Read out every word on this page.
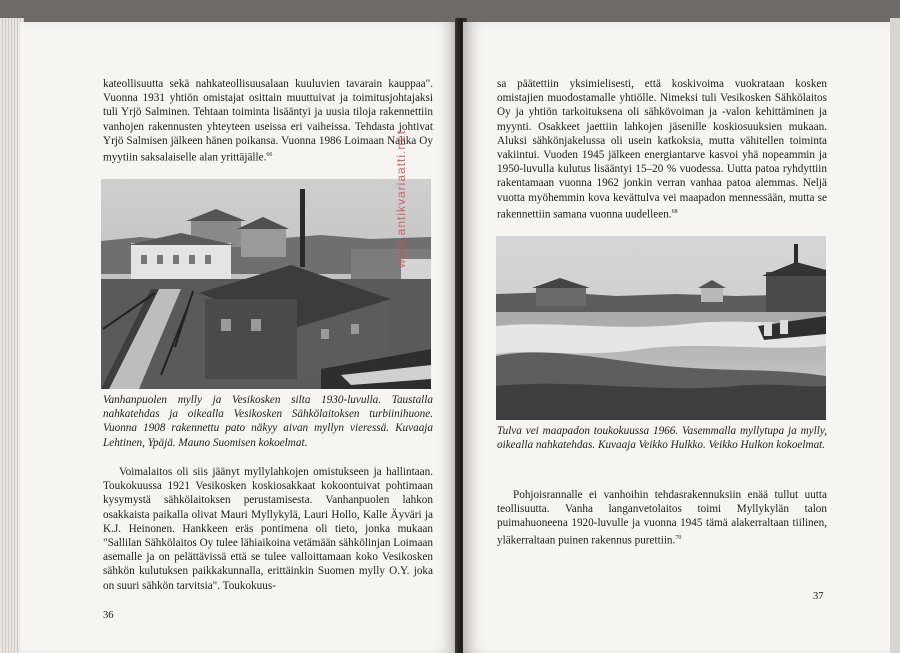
kateollisuutta sekä nahkateollisuusalaan kuuluvien tavarain kauppaa". Vuonna 1931 yhtiön omistajat osittain muuttuivat ja toimitusjohtajaksi tuli Yrjö Salminen. Tehtaan toiminta lisääntyi ja uusia tiloja rakennettiin vanhojen rakennusten yhteyteen useissa eri vaiheissa. Tehdasta johtivat Yrjö Salmisen jälkeen hänen poikansa. Vuonna 1986 Loimaan Nahka Oy myytiin saksalaiselle alan yrittäjälle.$^{66}$

Vanhanpuolen mylly ja Vesikosken silta 1930-luvulla. Taustalla nahkatehdas ja oikealla Vesikosken Sähkölaitoksen turbiinihuone. Vuonna 1908 rakennettu pato näkyy aivan myllyn vieressä. Kuvaaja Lehtinen, Ypäjä. Mauno Suomisen kokoelmat.

Voimalaitos oli siis jäänyt myllylahkojen omistukseen ja hallintaan. Toukokuussa 1921 Vesikosken koskiosakkaat kokoontuivat pohtimaan kysymystä sähkölaitoksen perustamisesta. Vanhanpuolen lahkon osakkaista paikalla olivat Mauri Myllykylä, Lauri Hollo, Kalle Äyväri ja K.J. Heinonen. Hankkeen eräs pontimena oli tieto, jonka mukaan "Sallilan Sähkölaitos Oy tulee lähiaikoina vetämään sähkölinjan Loimaan asemalle ja on pelättävissä että se tulee valloittamaan koko Vesikosken sähkön kulutuksen paikkakunnalla, erittäinkin Suomen mylly O.Y. joka on suuri sähkön tarvitsia". Toukokuus-

36
www.antikvariaatti.net

sa päätettiin yksimielisesti, että koskivoima vuokrataan kosken omistajien muodostamalle yhtiölle. Nimeksi tuli Vesikosken Sähkölaitos Oy ja yhtiön tarkoituksena oli sähkövoiman ja -valon kehittäminen ja myynti. Osakkeet jaettiin lahkojen jäsenille koskiosuuksien mukaan. Aluksi sähkönjakelussa oli usein katkoksia, mutta vähitellen toiminta vakiintui. Vuoden 1945 jälkeen energiantarve kasvoi yhä nopeammin ja 1950-luvulla kulutus lisääntyi 15–20 % vuodessa. Uutta patoa ryhdyttiin rakentamaan vuonna 1962 jonkin verran vanhaa patoa alemmas. Neljä vuotta myöhemmin kova kevättulva vei maapadon mennessään, mutta se rakennettiin samana vuonna uudelleen.$^{68}$

Tulva vei maapadon toukokuussa 1966. Vasemmalla myllytupa ja mylly, oikealla nahkatehdas. Kuvaaja Veikko Hulkko. Veikko Hulkon kokoelmat.

Pohjoisrannalle ei vanhoihin tehdasrakennuksiin enää tullut uutta teollisuutta. Vanha langanvetolaitos toimi Myllykylän talon puimahuoneena 1920-luvulle ja vuonna 1945 tämä alakerraltaan tiilinen, yläkerraltaan puinen rakennus purettiin.$^{70}$

37
